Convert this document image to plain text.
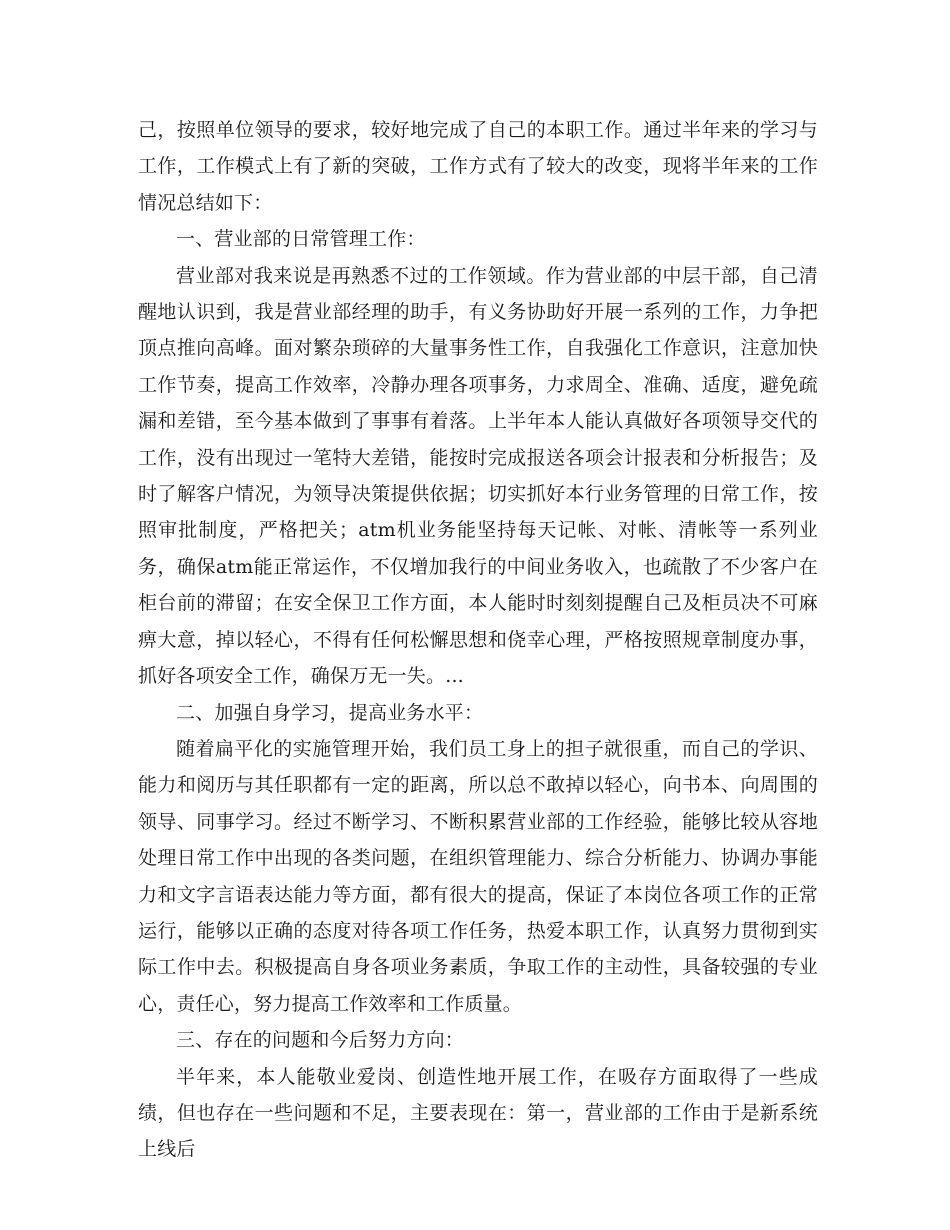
己，按照单位领导的要求，较好地完成了自己的本职工作。通过半年来的学习与工作，工作模式上有了新的突破，工作方式有了较大的改变，现将半年来的工作情况总结如下：

一、营业部的日常管理工作：

营业部对我来说是再熟悉不过的工作领域。作为营业部的中层干部，自己清醒地认识到，我是营业部经理的助手，有义务协助好开展一系列的工作，力争把顶点推向高峰。面对繁杂琐碎的大量事务性工作，自我强化工作意识，注意加快工作节奏，提高工作效率，冷静办理各项事务，力求周全、准确、适度，避免疏漏和差错，至今基本做到了事事有着落。上半年本人能认真做好各项领导交代的工作，没有出现过一笔特大差错，能按时完成报送各项会计报表和分析报告；及时了解客户情况，为领导决策提供依据；切实抓好本行业务管理的日常工作，按照审批制度，严格把关；atm机业务能坚持每天记帐、对帐、清帐等一系列业务，确保atm能正常运作，不仅增加我行的中间业务收入，也疏散了不少客户在柜台前的滞留；在安全保卫工作方面，本人能时时刻刻提醒自己及柜员决不可麻痹大意，掉以轻心，不得有任何松懈思想和侥幸心理，严格按照规章制度办事，抓好各项安全工作，确保万无一失。...

二、加强自身学习，提高业务水平：

随着扁平化的实施管理开始，我们员工身上的担子就很重，而自己的学识、能力和阅历与其任职都有一定的距离，所以总不敢掉以轻心，向书本、向周围的领导、同事学习。经过不断学习、不断积累营业部的工作经验，能够比较从容地处理日常工作中出现的各类问题，在组织管理能力、综合分析能力、协调办事能力和文字言语表达能力等方面，都有很大的提高，保证了本岗位各项工作的正常运行，能够以正确的态度对待各项工作任务，热爱本职工作，认真努力贯彻到实际工作中去。积极提高自身各项业务素质，争取工作的主动性，具备较强的专业心，责任心，努力提高工作效率和工作质量。

三、存在的问题和今后努力方向：

半年来，本人能敬业爱岗、创造性地开展工作，在吸存方面取得了一些成绩，但也存在一些问题和不足，主要表现在：第一，营业部的工作由于是新系统上线后
